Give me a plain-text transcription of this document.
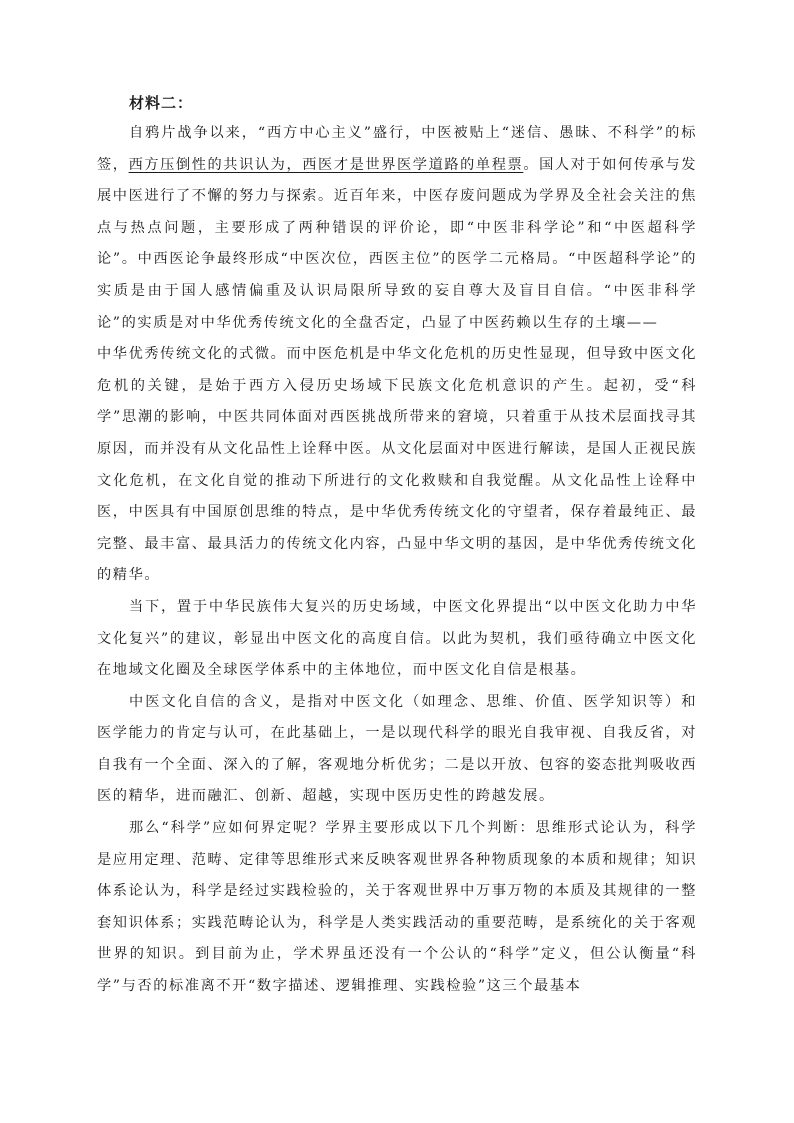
材料二：

自鸦片战争以来，“西方中心主义”盛行，中医被贴上“迷信、愚昧、不科学”的标签，西方压倒性的共识认为，西医才是世界医学道路的单程票。国人对于如何传承与发展中医进行了不懈的努力与探索。近百年来，中医存废问题成为学界及全社会关注的焦点与热点问题，主要形成了两种错误的评价论，即“中医非科学论”和“中医超科学论”。中西医论争最终形成“中医次位，西医主位”的医学二元格局。“中医超科学论”的实质是由于国人感情偏重及认识局限所导致的妄自尊大及盲目自信。“中医非科学论”的实质是对中华优秀传统文化的全盘否定，凸显了中医药赖以生存的土壤——

中华优秀传统文化的式微。而中医危机是中华文化危机的历史性显现，但导致中医文化危机的关键，是始于西方入侵历史场域下民族文化危机意识的产生。起初，受“科学”思潮的影响，中医共同体面对西医挑战所带来的窘境，只着重于从技术层面找寻其原因，而并没有从文化品性上诠释中医。从文化层面对中医进行解读，是国人正视民族文化危机，在文化自觉的推动下所进行的文化救赎和自我觉醒。从文化品性上诠释中医，中医具有中国原创思维的特点，是中华优秀传统文化的守望者，保存着最纯正、最完整、最丰富、最具活力的传统文化内容，凸显中华文明的基因，是中华优秀传统文化的精华。

当下，置于中华民族伟大复兴的历史场域，中医文化界提出“以中医文化助力中华文化复兴”的建议，彰显出中医文化的高度自信。以此为契机，我们亟待确立中医文化在地域文化圈及全球医学体系中的主体地位，而中医文化自信是根基。

中医文化自信的含义，是指对中医文化（如理念、思维、价值、医学知识等）和医学能力的肯定与认可，在此基础上，一是以现代科学的眼光自我审视、自我反省，对自我有一个全面、深入的了解，客观地分析优劣；二是以开放、包容的姿态批判吸收西医的精华，进而融汇、创新、超越，实现中医历史性的跨越发展。

那么“科学”应如何界定呢？学界主要形成以下几个判断：思维形式论认为，科学是应用定理、范畴、定律等思维形式来反映客观世界各种物质现象的本质和规律；知识体系论认为，科学是经过实践检验的，关于客观世界中万事万物的本质及其规律的一整套知识体系；实践范畴论认为，科学是人类实践活动的重要范畴，是系统化的关于客观世界的知识。到目前为止，学术界虽还没有一个公认的“科学”定义，但公认衡量“科学”与否的标准离不开“数字描述、逻辑推理、实践检验”这三个最基本
